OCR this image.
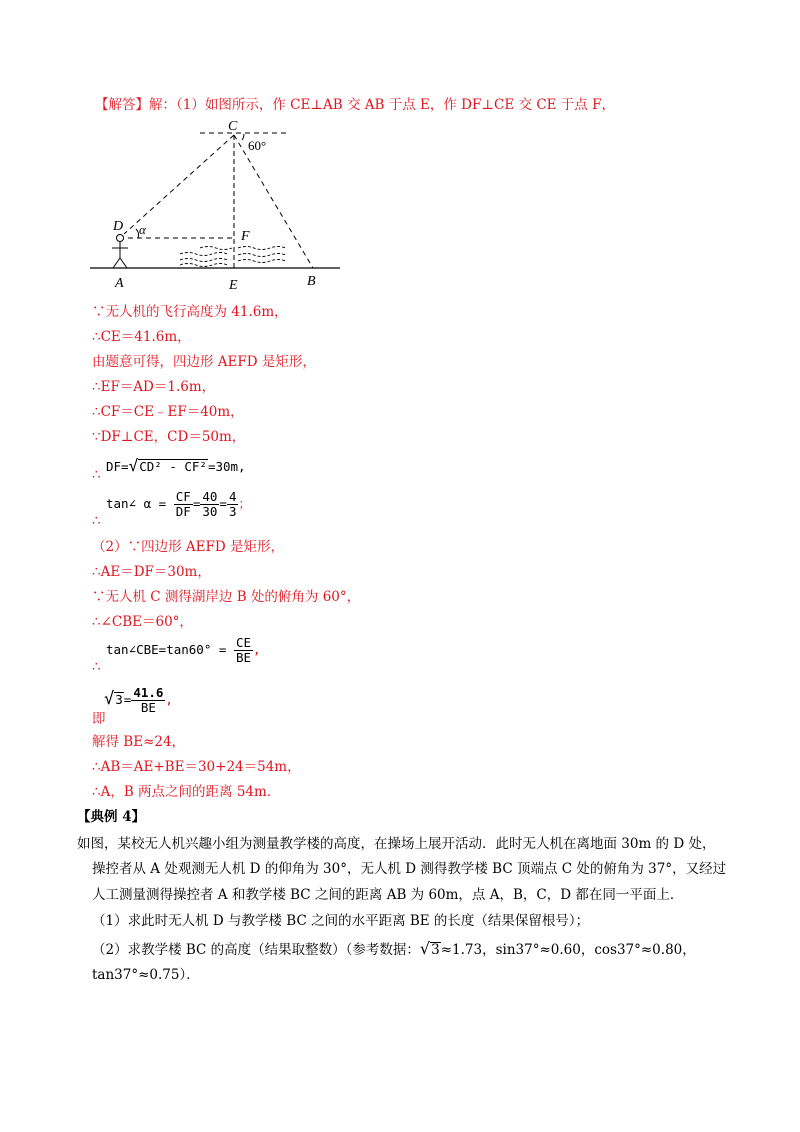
【解答】解：（1）如图所示，作 CE⊥AB 交 AB 于点 E，作 DF⊥CE 交 CE 于点 F，
C
60°
D α	F
A	E	B
∵无人机的飞行高度为 41.6m，
∴CE＝41.6m，
由题意可得，四边形 AEFD 是矩形，
∴EF＝AD＝1.6m，
∴CF＝CE﹣EF＝40m，
∵DF⊥CE，CD＝50m，
∴
DF=√CD² - CF²=30m,
∴
tan∠ $\alpha = \frac{CF}{DF} = \frac{40}{30} = \frac{4}{3}$ ；
（2）∵四边形 AEFD 是矩形，
∴AE＝DF＝30m，
∵无人机 C 测得湖岸边 B 处的俯角为 60°，
∴∠CBE＝60°，
∴
tan∠CBE=tan60° = $\frac{CE}{BE}$ ,
即
$√3= \frac{41.6}{BE}$ ,
解得 BE≈24，
∴AB＝AE+BE＝30+24＝54m，
∴A，B 两点之间的距离 54m．
【典例 4】
如图，某校无人机兴趣小组为测量教学楼的高度，在操场上展开活动．此时无人机在离地面 30m 的 D 处，
操控者从 A 处观测无人机 D 的仰角为 30°，无人机 D 测得教学楼 BC 顶端点 C 处的俯角为 37°，又经过
人工测量测得操控者 A 和教学楼 BC 之间的距离 AB 为 60m，点 A，B，C，D 都在同一平面上．
（1）求此时无人机 D 与教学楼 BC 之间的水平距离 BE 的长度（结果保留根号）；
（2）求教学楼 BC 的高度（结果取整数）（参考数据：√3≈1.73，sin37°≈0.60，cos37°≈0.80，
tan37°≈0.75）．
